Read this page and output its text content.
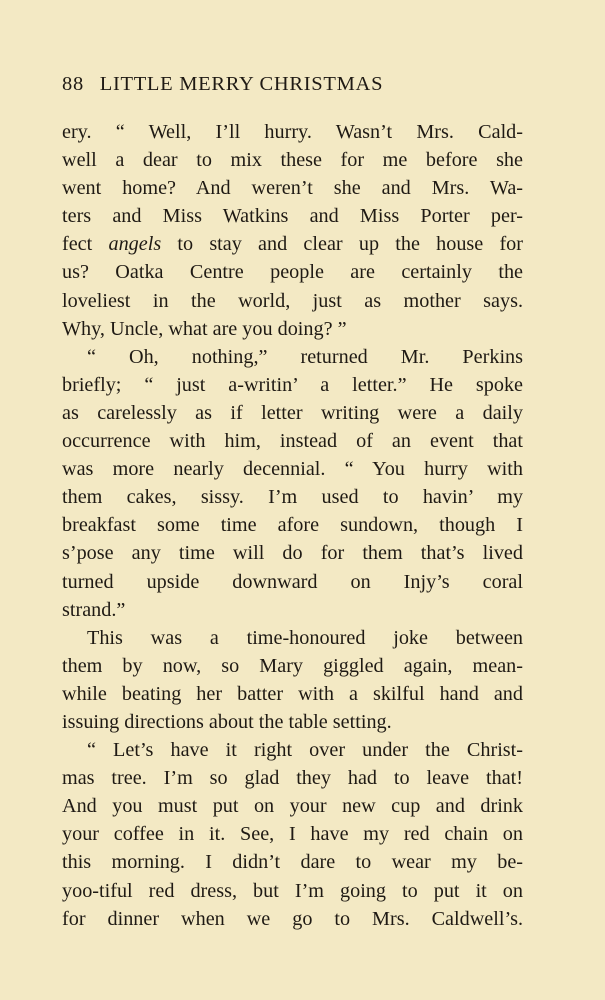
88 LITTLE MERRY CHRISTMAS
ery. “ Well, I’ll hurry. Wasn’t Mrs. Cald-
well a dear to mix these for me before she
went home? And weren’t she and Mrs. Wa-
ters and Miss Watkins and Miss Porter per-
fect angels to stay and clear up the house for
us? Oatka Centre people are certainly the
loveliest in the world, just as mother says.
Why, Uncle, what are you doing? ”
“ Oh, nothing,” returned Mr. Perkins
briefly; “ just a-writin’ a letter.” He spoke
as carelessly as if letter writing were a daily
occurrence with him, instead of an event that
was more nearly decennial. “ You hurry with
them cakes, sissy. I’m used to havin’ my
breakfast some time afore sundown, though I
s’pose any time will do for them that’s lived
turned upside downward on Injy’s coral
strand.”
This was a time-honoured joke between
them by now, so Mary giggled again, mean-
while beating her batter with a skilful hand and
issuing directions about the table setting.
“ Let’s have it right over under the Christ-
mas tree. I’m so glad they had to leave that!
And you must put on your new cup and drink
your coffee in it. See, I have my red chain on
this morning. I didn’t dare to wear my be-
yoo-tiful red dress, but I’m going to put it on
for dinner when we go to Mrs. Caldwell’s.
